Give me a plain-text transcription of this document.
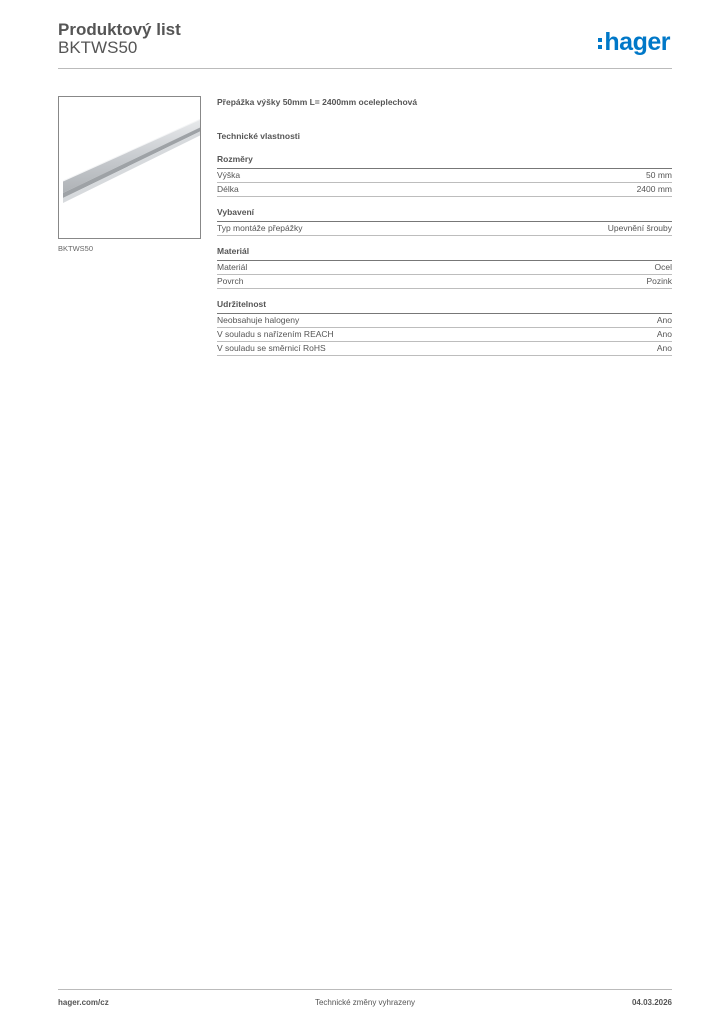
Produktový list
BKTWS50	hager
BKTWS50
Přepážka výšky 50mm L= 2400mm oceleplechová
Technické vlastnosti
Rozměry
Výška	50 mm
Délka	2400 mm
Vybavení
Typ montáže přepážky	Upevnění šrouby
Materiál
Materiál	Ocel
Povrch	Pozink
Udržitelnost
Neobsahuje halogeny	Ano
V souladu s nařízením REACH	Ano
V souladu se směrnicí RoHS	Ano
hager.com/cz	Technické změny vyhrazeny	04.03.2026
